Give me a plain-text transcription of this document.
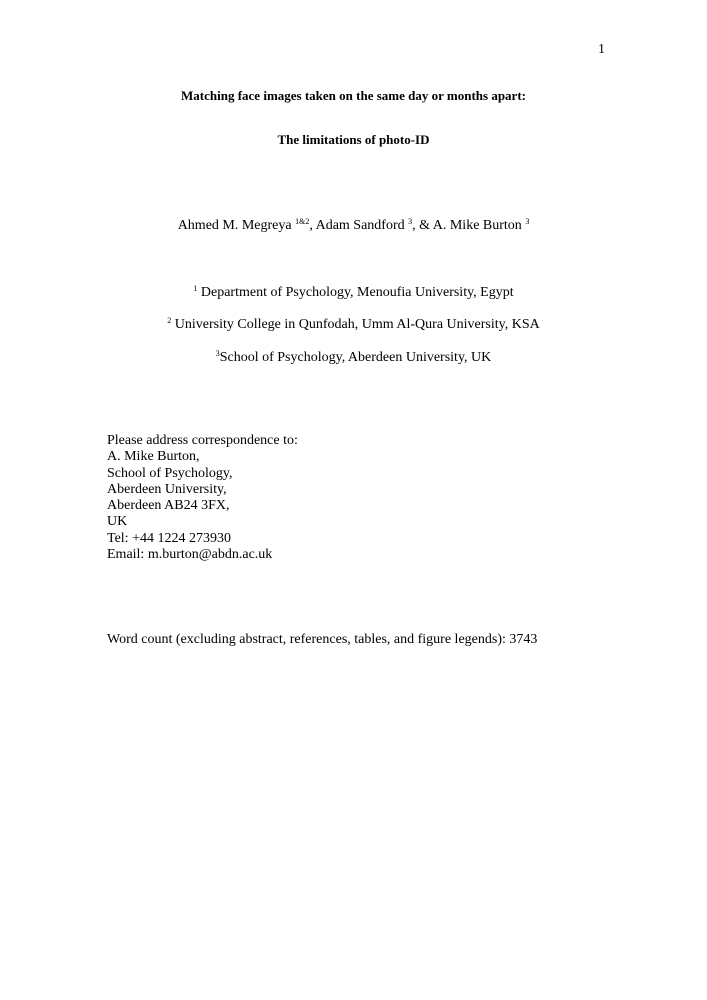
1
Matching face images taken on the same day or months apart:
The limitations of photo-ID
Ahmed M. Megreya $^{1\&2}$, Adam Sandford $^3$, & A. Mike Burton $^3$
$^1$ Department of Psychology, Menoufia University, Egypt
$^2$ University College in Qunfodah, Umm Al-Qura University, KSA
$^3$School of Psychology, Aberdeen University, UK
Please address correspondence to:
A. Mike Burton,
School of Psychology,
Aberdeen University,
Aberdeen AB24 3FX,
UK
Tel: +44 1224 273930
Email: m.burton@abdn.ac.uk
Word count (excluding abstract, references, tables, and figure legends): 3743
